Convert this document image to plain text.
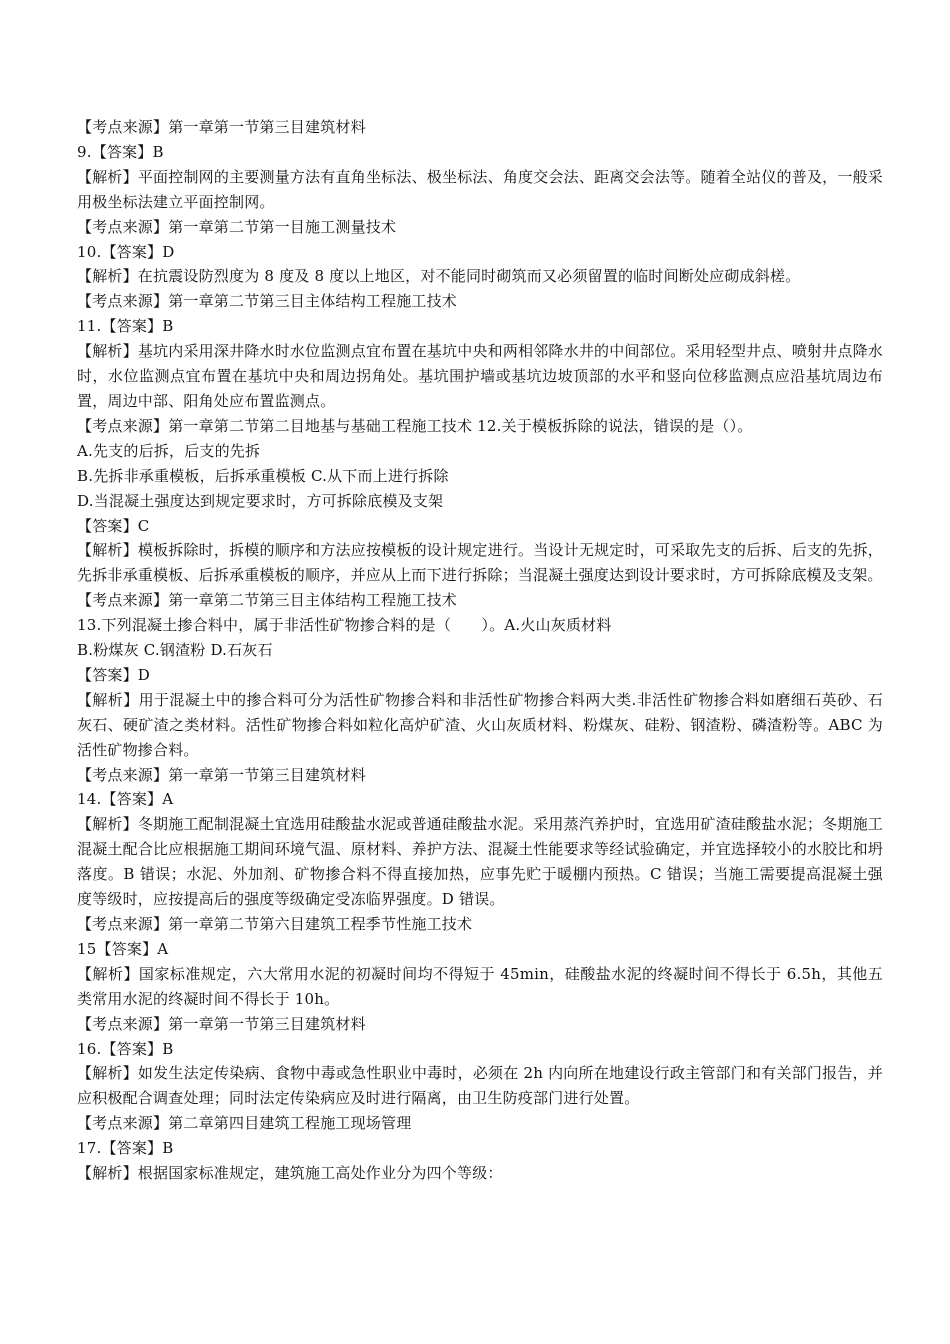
【考点来源】第一章第一节第三目建筑材料
9.【答案】B
【解析】平面控制网的主要测量方法有直角坐标法、极坐标法、角度交会法、距离交会法等。随着全站仪的普及，一般采用极坐标法建立平面控制网。
【考点来源】第一章第二节第一目施工测量技术
10.【答案】D
【解析】在抗震设防烈度为 8 度及 8 度以上地区，对不能同时砌筑而又必须留置的临时间断处应砌成斜槎。
【考点来源】第一章第二节第三目主体结构工程施工技术
11.【答案】B
【解析】基坑内采用深井降水时水位监测点宜布置在基坑中央和两相邻降水井的中间部位。采用轻型井点、喷射井点降水时，水位监测点宜布置在基坑中央和周边拐角处。基坑围护墙或基坑边坡顶部的水平和竖向位移监测点应沿基坑周边布置，周边中部、阳角处应布置监测点。
【考点来源】第一章第二节第二目地基与基础工程施工技术 12.关于模板拆除的说法，错误的是（）。
A.先支的后拆，后支的先拆
B.先拆非承重模板，后拆承重模板 C.从下而上进行拆除
D.当混凝土强度达到规定要求时，方可拆除底模及支架
【答案】C
【解析】模板拆除时，拆模的顺序和方法应按模板的设计规定进行。当设计无规定时，可采取先支的后拆、后支的先拆，先拆非承重模板、后拆承重模板的顺序，并应从上而下进行拆除；当混凝土强度达到设计要求时，方可拆除底模及支架。
【考点来源】第一章第二节第三目主体结构工程施工技术
13.下列混凝土掺合料中，属于非活性矿物掺合料的是（　　）。A.火山灰质材料
B.粉煤灰 C.钢渣粉 D.石灰石
【答案】D
【解析】用于混凝土中的掺合料可分为活性矿物掺合料和非活性矿物掺合料两大类.非活性矿物掺合料如磨细石英砂、石灰石、硬矿渣之类材料。活性矿物掺合料如粒化高炉矿渣、火山灰质材料、粉煤灰、硅粉、钢渣粉、磷渣粉等。ABC 为活性矿物掺合料。
【考点来源】第一章第一节第三目建筑材料
14.【答案】A
【解析】冬期施工配制混凝土宜选用硅酸盐水泥或普通硅酸盐水泥。采用蒸汽养护时，宜选用矿渣硅酸盐水泥；冬期施工混凝土配合比应根据施工期间环境气温、原材料、养护方法、混凝土性能要求等经试验确定，并宜选择较小的水胶比和坍落度。B 错误；水泥、外加剂、矿物掺合料不得直接加热，应事先贮于暖棚内预热。C 错误；当施工需要提高混凝土强度等级时，应按提高后的强度等级确定受冻临界强度。D 错误。
【考点来源】第一章第二节第六目建筑工程季节性施工技术
15【答案】A
【解析】国家标准规定，六大常用水泥的初凝时间均不得短于 45min，硅酸盐水泥的终凝时间不得长于 6.5h，其他五类常用水泥的终凝时间不得长于 10h。
【考点来源】第一章第一节第三目建筑材料
16.【答案】B
【解析】如发生法定传染病、食物中毒或急性职业中毒时，必须在 2h 内向所在地建设行政主管部门和有关部门报告，并应积极配合调查处理；同时法定传染病应及时进行隔离，由卫生防疫部门进行处置。
【考点来源】第二章第四目建筑工程施工现场管理
17.【答案】B
【解析】根据国家标准规定，建筑施工高处作业分为四个等级：
